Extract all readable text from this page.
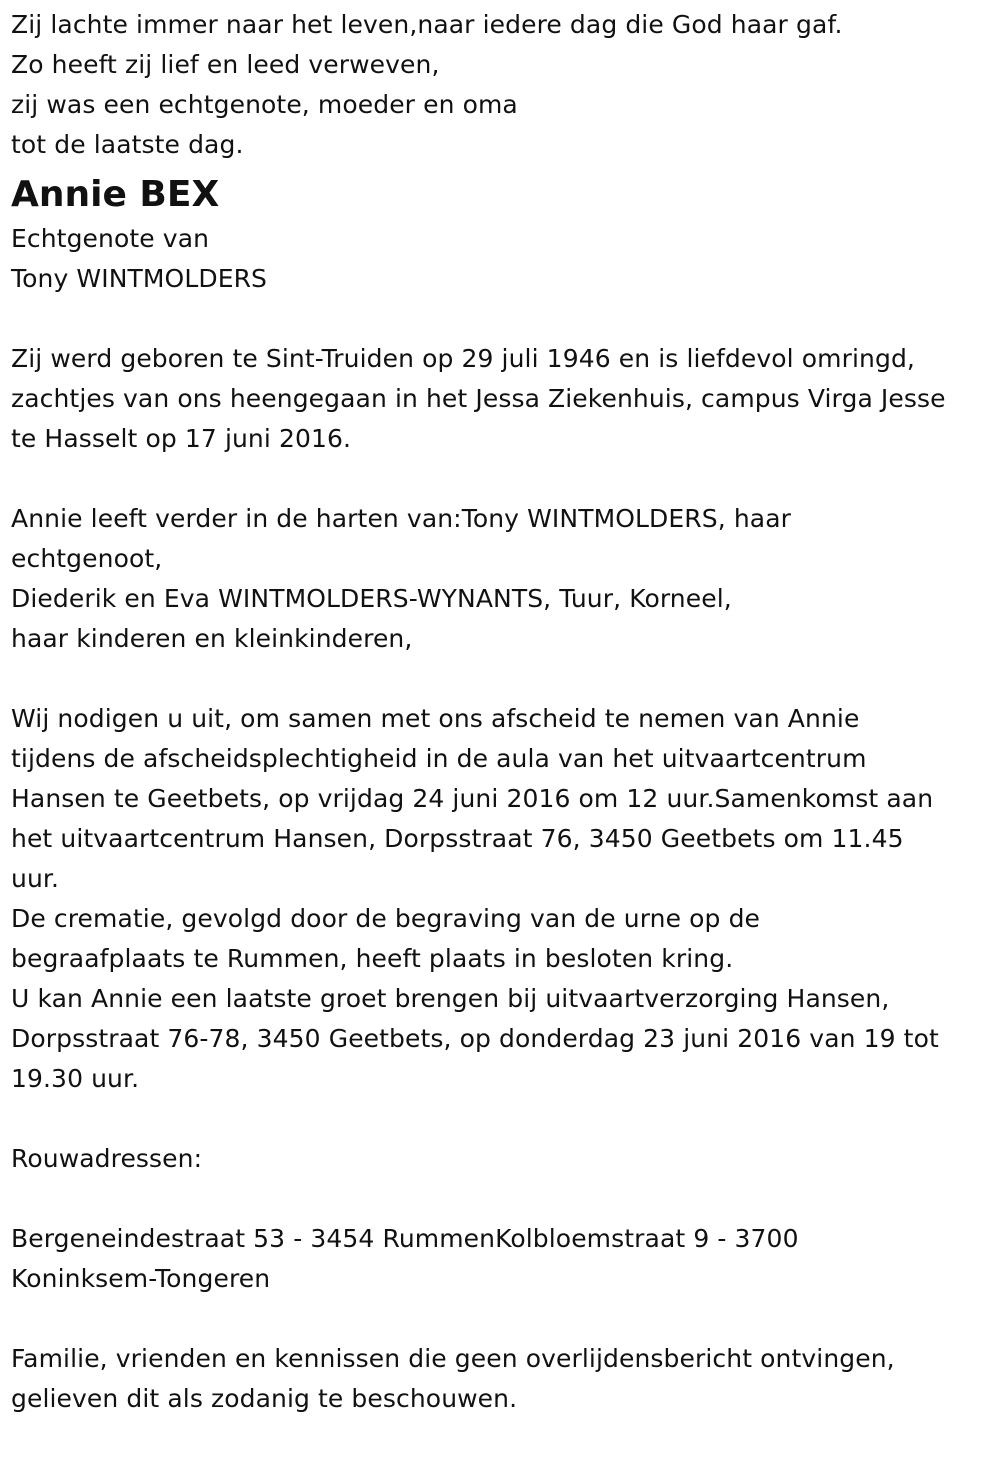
Zij lachte immer naar het leven,naar iedere dag die God haar gaf.

Zo heeft zij lief en leed verweven,

zij was een echtgenote, moeder en oma

tot de laatste dag.

Annie BEX

Echtgenote van

Tony WINTMOLDERS

Zij werd geboren te Sint-Truiden op 29 juli 1946 en is liefdevol omringd,

zachtjes van ons heengegaan in het Jessa Ziekenhuis, campus Virga Jesse

te Hasselt op 17 juni 2016.

Annie leeft verder in de harten van:Tony WINTMOLDERS, haar

echtgenoot,

Diederik en Eva WINTMOLDERS-WYNANTS, Tuur, Korneel,

haar kinderen en kleinkinderen,

Wij nodigen u uit, om samen met ons afscheid te nemen van Annie

tijdens de afscheidsplechtigheid in de aula van het uitvaartcentrum

Hansen te Geetbets, op vrijdag 24 juni 2016 om 12 uur.Samenkomst aan

het uitvaartcentrum Hansen, Dorpsstraat 76, 3450 Geetbets om 11.45

uur.

De crematie, gevolgd door de begraving van de urne op de

begraafplaats te Rummen, heeft plaats in besloten kring.

U kan Annie een laatste groet brengen bij uitvaartverzorging Hansen,

Dorpsstraat 76-78, 3450 Geetbets, op donderdag 23 juni 2016 van 19 tot

19.30 uur.

Rouwadressen:

Bergeneindestraat 53 - 3454 RummenKolbloemstraat 9 - 3700

Koninksem-Tongeren

Familie, vrienden en kennissen die geen overlijdensbericht ontvingen,

gelieven dit als zodanig te beschouwen.
